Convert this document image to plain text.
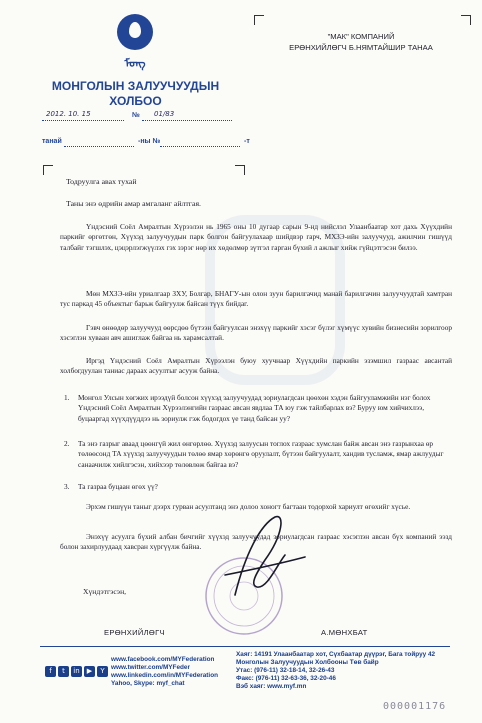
ᠮᠣᠩ
МОНГОЛЫН ЗАЛУУЧУУДЫН
ХОЛБОО
2012. 10. 15	№ 01/83
танай	-ны №	-т
"МАК" КОМПАНИЙ
ЕРӨНХИЙЛӨГЧ Б.НЯМТАЙШИР ТАНАА
Тодруулга авах тухай
Таны энэ өдрийн амар амгаланг айлтгая.
Үндэсний Соёл Амралтын Хүрээлэн нь 1965 оны 10 дугаар сарын 9-нд нийслэл Улаанбаатар хот дахь Хүүхдийн паркийг өргөтгөн, Хүүхэд залуучуудын парк болгон байгуулахаар шийдвэр гарч, МХЗЭ-ийн залуучууд, ажилчин гишүүд талбайг тэгшлэх, цэцэрлэгжүүлэх гэх зэрэг нөр их хөдөлмөр зүтгэл гарган бүхий л ажлыг хийж гүйцэтгэсэн билээ.
Мөн МХЗЭ-ийн уриалгаар ЗХУ, Болгар, БНАГУ-ын олон зуун барилгачид манай барилгачин залуучуудтай хамтран тус паркад 45 объектыг барьж байгуулж байсан түүх бийдаг.
Гэвч өнөөдөр залуучууд өөрсдөө бүтээн байгуулсан энэхүү паркийг хэсэг бүлэг хүмүүс хувийн бизнесийн зорилгоор хэсэглэн хуваан авч ашиглаж байгаа нь харамсалтай.
Иргэд Үндэсний Соёл Амралтын Хүрээлэн буюу хуучнаар Хүүхдийн паркийн эзэмшил газраас авсантай холбогдуулан таниас дараах асуултыг асууж байна.
1. Монгол Улсын хөгжих ирээдүй болсон хүүхэд залуучуудад зориулагдсан цөөхөн хэдэн байгууламжийн нэг болох Үндэсний Соёл Амралтын Хүрээлэнгийн газраас авсан явдлаа ТА юу гэж тайлбарлах вэ? Буруу юм хийчихлээ, буцааргад хүүхдүүддээ нь зориулж гэж бодогдох үе танд байсан уу?
2. Та энэ газрыг аваад цөөнгүй жил өнгөрлөө. Хүүхэд залуусын тоглох газраас хумслан байж авсан энэ газрынхаа өр төлөөсонд ТА хүүхэд залуучуудын төлөө ямар хөрөнгө оруулалт, бүтээн байгуулалт, хандив тусламж, ямар ажлуудыг санаачилж хийлгэсэн, хийхээр төлөвлөж байгаа вэ?
3. Та газраа буцаан өгөх үү?
Эрхэм гишүүн таныг дээрх гурван асуултанд энэ долоо хоногт багтаан тодорхой хариулт өгөхийг хүсье.
Энэхүү асуулга бүхий албан бичгийг хүүхэд залуучуудад зориулагдсан газраас хэсэглэн авсан бүх компаний ээзд болон захирлуудаад хавсран хүргүүлж байна.
Хүндэтгэсэн,
ЕРӨНХИЙЛӨГЧ	А.МӨНХБАТ
f	t	in	▶	Y
www.facebook.com/MYFederation
www.twitter.com/MYFeder
www.linkedin.com/in/MYFederation
Yahoo, Skype: myf_chat
Хаяг: 14191 Улаанбаатар хот, Сүхбаатар дүүрэг, Бага тойруу 42
Монголын Залуучуудын Холбооны Төв байр
Утас: (976-11) 32-18-14, 32-26-43
Факс: (976-11) 32-63-36, 32-20-46
Вэб хаяг: www.myf.mn
000001176
